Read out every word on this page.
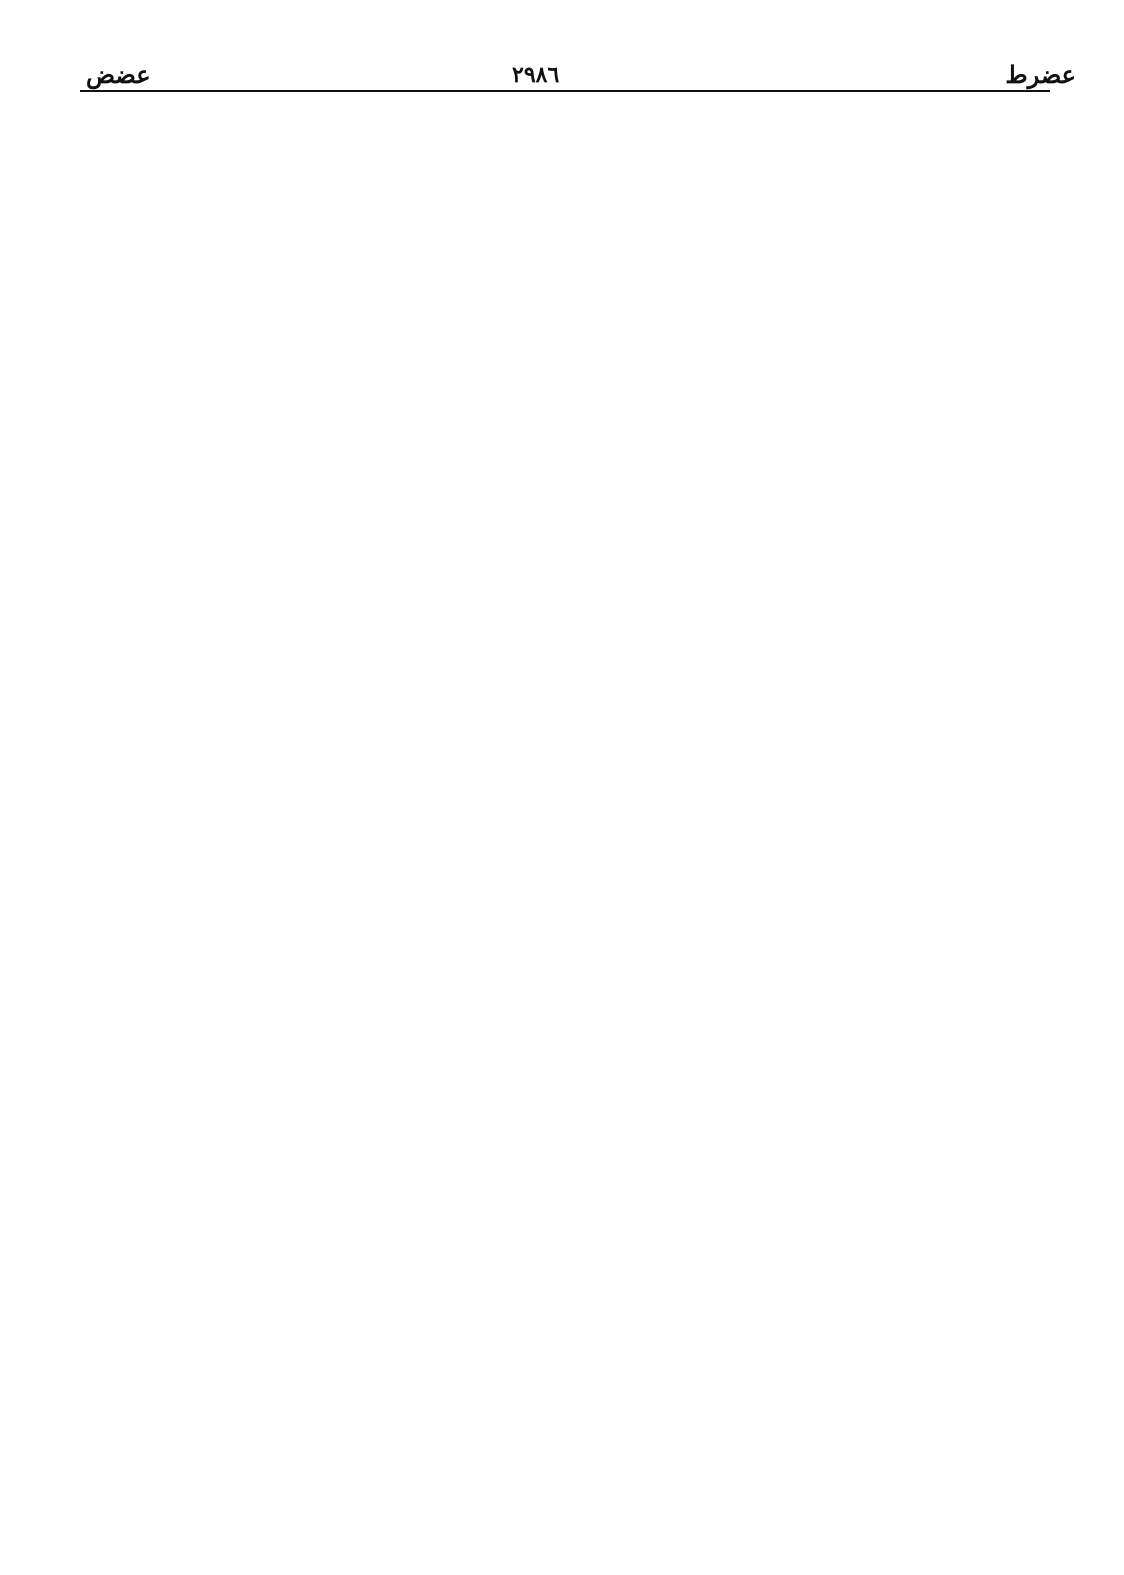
عضرط
٢٩٨٦
عضض
